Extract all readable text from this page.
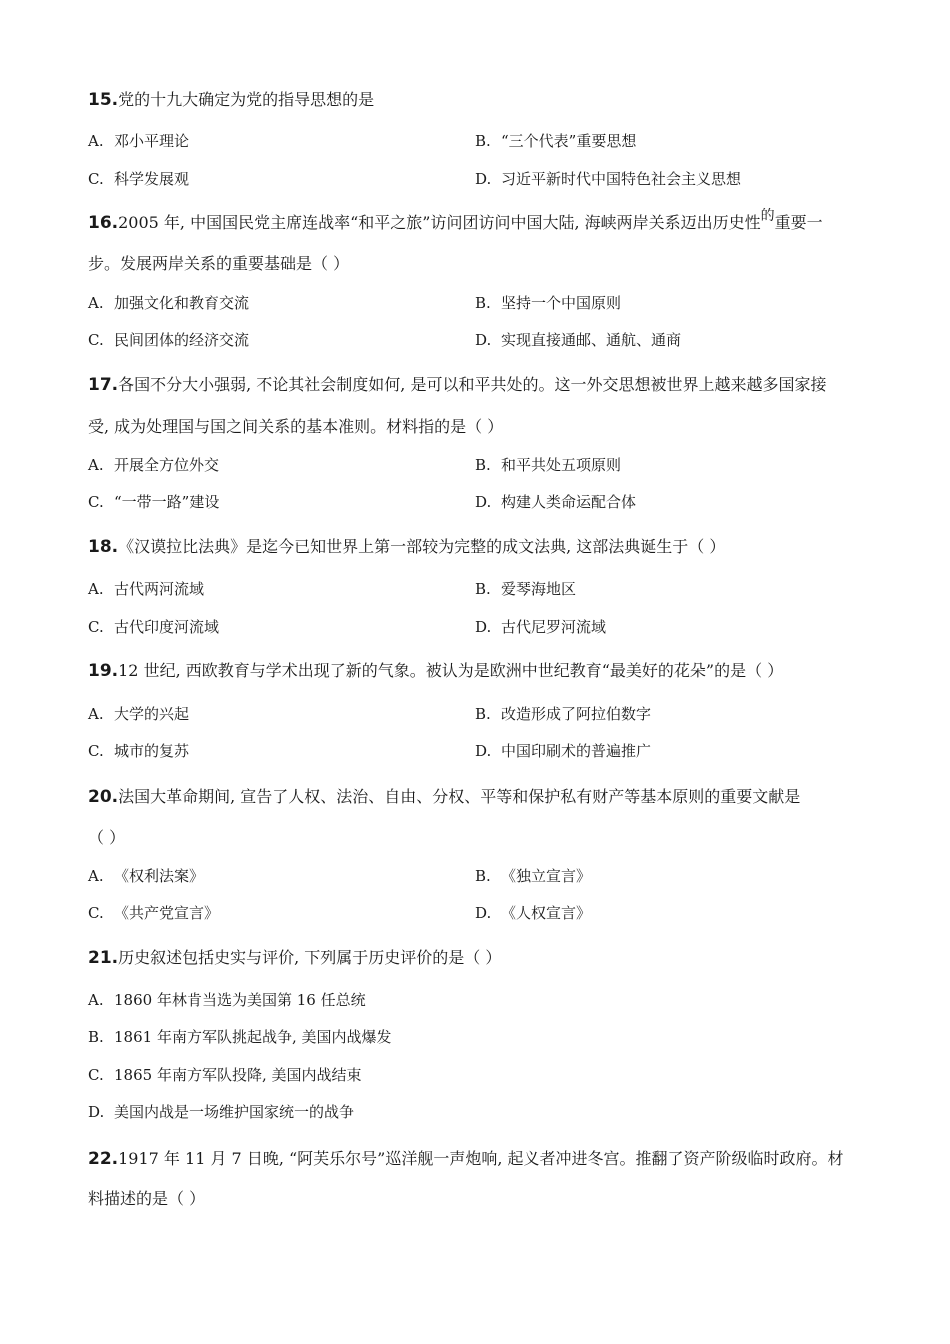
15.党的十九大确定为党的指导思想的是
A. 邓小平理论	B. “三个代表”重要思想
C. 科学发展观	D. 习近平新时代中国特色社会主义思想
16.2005 年, 中国国民党主席连战率“和平之旅”访问团访问中国大陆, 海峡两岸关系迈出历史性的重要一
步。发展两岸关系的重要基础是（ ）
A. 加强文化和教育交流	B. 坚持一个中国原则
C. 民间团体的经济交流	D. 实现直接通邮、通航、通商
17.各国不分大小强弱, 不论其社会制度如何, 是可以和平共处的。这一外交思想被世界上越来越多国家接
受, 成为处理国与国之间关系的基本准则。材料指的是（ ）
A. 开展全方位外交	B. 和平共处五项原则
C. “一带一路”建设	D. 构建人类命运配合体
18.《汉谟拉比法典》是迄今已知世界上第一部较为完整的成文法典, 这部法典诞生于（ ）
A. 古代两河流域	B. 爱琴海地区
C. 古代印度河流域	D. 古代尼罗河流域
19.12 世纪, 西欧教育与学术出现了新的气象。被认为是欧洲中世纪教育“最美好的花朵”的是（ ）
A. 大学的兴起	B. 改造形成了阿拉伯数字
C. 城市的复苏	D. 中国印刷术的普遍推广
20.法国大革命期间, 宣告了人权、法治、自由、分权、平等和保护私有财产等基本原则的重要文献是
（ ）
A. 《权利法案》	B. 《独立宣言》
C. 《共产党宣言》	D. 《人权宣言》
21.历史叙述包括史实与评价, 下列属于历史评价的是（ ）
A. 1860 年林肯当选为美国第 16 任总统
B. 1861 年南方军队挑起战争, 美国内战爆发
C. 1865 年南方军队投降, 美国内战结束
D. 美国内战是一场维护国家统一的战争
22.1917 年 11 月 7 日晚, “阿芙乐尔号”巡洋舰一声炮响, 起义者冲进冬宫。推翻了资产阶级临时政府。材
料描述的是（ ）
